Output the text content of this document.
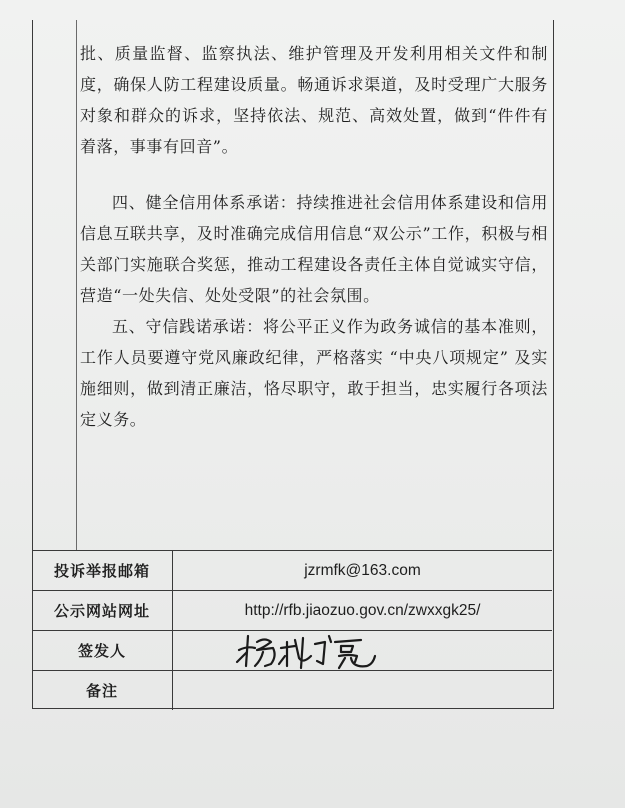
批、质量监督、监察执法、维护管理及开发利用相关文件和制度，确保人防工程建设质量。畅通诉求渠道，及时受理广大服务对象和群众的诉求，坚持依法、规范、高效处置，做到“件件有着落，事事有回音”。

四、健全信用体系承诺：持续推进社会信用体系建设和信用信息互联共享，及时准确完成信用信息“双公示”工作，积极与相关部门实施联合奖惩，推动工程建设各责任主体自觉诚实守信，营造“一处失信、处处受限”的社会氛围。

五、守信践诺承诺：将公平正义作为政务诚信的基本准则， 工作人员要遵守党风廉政纪律，严格落实 “中央八项规定” 及实施细则，做到清正廉洁，恪尽职守，敢于担当，忠实履行各项法定义务。

投诉举报邮箱	jzrmfk@163.com
公示网站网址	http://rfb.jiaozuo.gov.cn/zwxxgk25/
签发人	

备注	
